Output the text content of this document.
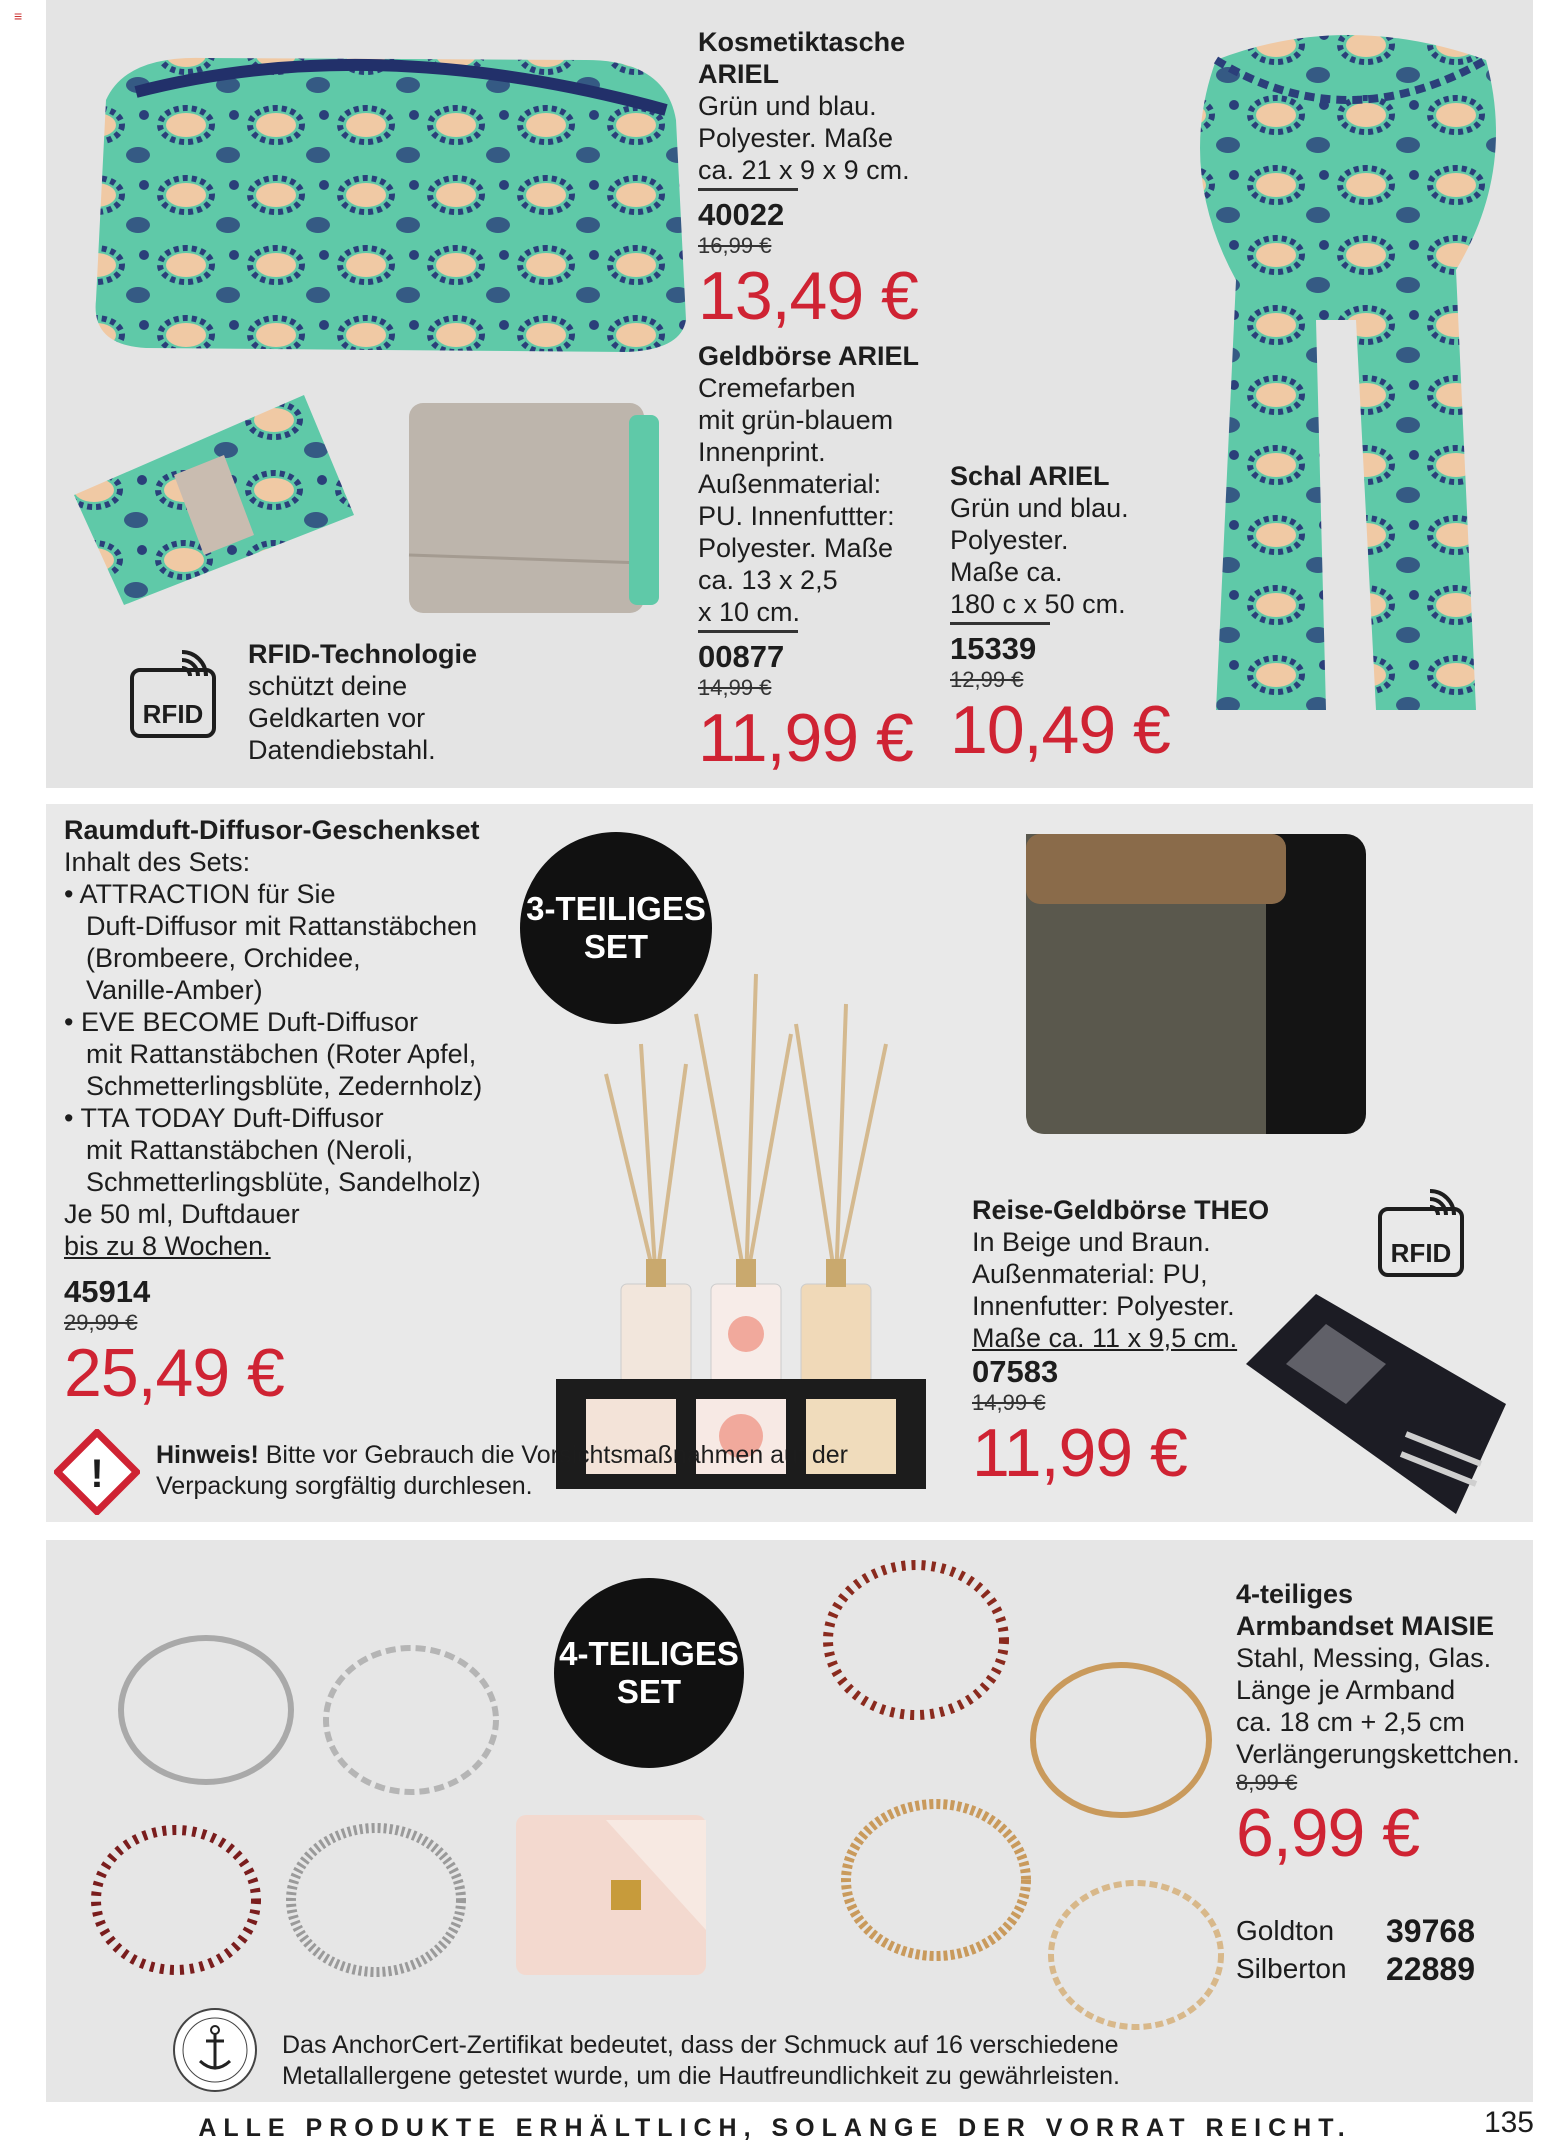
≡
Kosmetiktasche
ARIEL
Grün und blau.
Polyester. Maße
ca. 21 x 9 x 9 cm.
40022
16,99 €
13,49 €
Geldbörse ARIEL
Cremefarben
mit grün-blauem
Innenprint.
Außenmaterial:
PU. Innenfuttter:
Polyester. Maße
ca. 13 x 2,5
x 10 cm.
00877
14,99 €
11,99 €
Schal ARIEL
Grün und blau.
Polyester.
Maße ca.
180 c x 50 cm.
15339
12,99 €
10,49 €
RFID
RFID-Technologie
schützt deine
Geldkarten vor
Datendiebstahl.
Raumduft-Diffusor-Geschenkset
Inhalt des Sets:
• ATTRACTION für Sie
Duft-Diffusor mit Rattanstäbchen
(Brombeere, Orchidee,
Vanille-Amber)
• EVE BECOME Duft-Diffusor
mit Rattanstäbchen (Roter Apfel,
Schmetterlingsblüte, Zedernholz)
• TTA TODAY Duft-Diffusor
mit Rattanstäbchen (Neroli,
Schmetterlingsblüte, Sandelholz)
Je 50 ml, Duftdauer
bis zu 8 Wochen.
45914
29,99 €
25,49 €
3-TEILIGES
SET
RFID
Reise-Geldbörse THEO
In Beige und Braun.
Außenmaterial: PU,
Innenfutter: Polyester.
Maße ca. 11 x 9,5 cm.
07583
14,99 €
11,99 €
! Hinweis! Bitte vor Gebrauch die Vorsichtsmaßnahmen auf der
Verpackung sorgfältig durchlesen.
4-TEILIGES
SET
4-teiliges
Armbandset MAISIE
Stahl, Messing, Glas.
Länge je Armband
ca. 18 cm + 2,5 cm
Verlängerungskettchen.
8,99 €
6,99 €
Goldton 39768
Silberton 22889
Das AnchorCert-Zertifikat bedeutet, dass der Schmuck auf 16 verschiedene
Metallallergene getestet wurde, um die Hautfreundlichkeit zu gewährleisten.
ALLE PRODUKTE ERHÄLTLICH, SOLANGE DER VORRAT REICHT.	135
